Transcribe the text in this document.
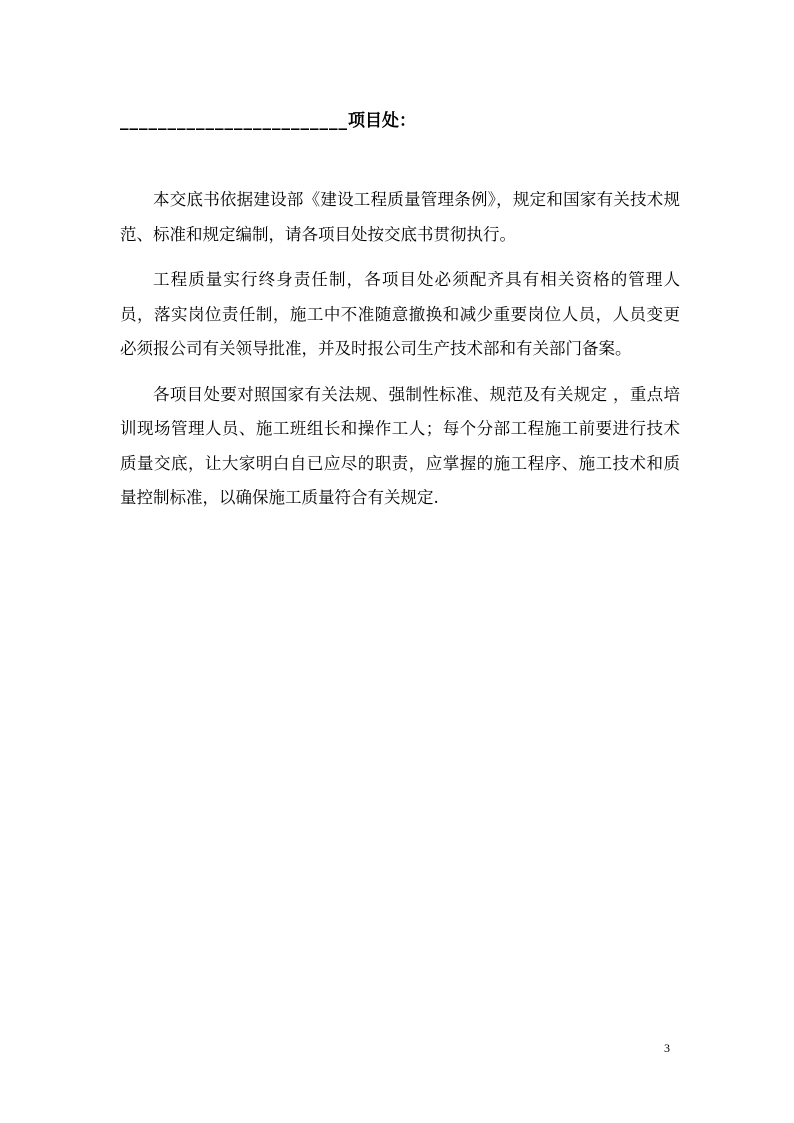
________________________项目处：

本交底书依据建设部《建设工程质量管理条例》，规定和国家有关技术规范、标准和规定编制，请各项目处按交底书贯彻执行。

工程质量实行终身责任制，各项目处必须配齐具有相关资格的管理人员，落实岗位责任制，施工中不准随意撤换和减少重要岗位人员，人员变更必须报公司有关领导批准，并及时报公司生产技术部和有关部门备案。

各项目处要对照国家有关法规、强制性标准、规范及有关规定 ，重点培训现场管理人员、施工班组长和操作工人；每个分部工程施工前要进行技术质量交底，让大家明白自已应尽的职责，应掌握的施工程序、施工技术和质量控制标准，以确保施工质量符合有关规定.

3
